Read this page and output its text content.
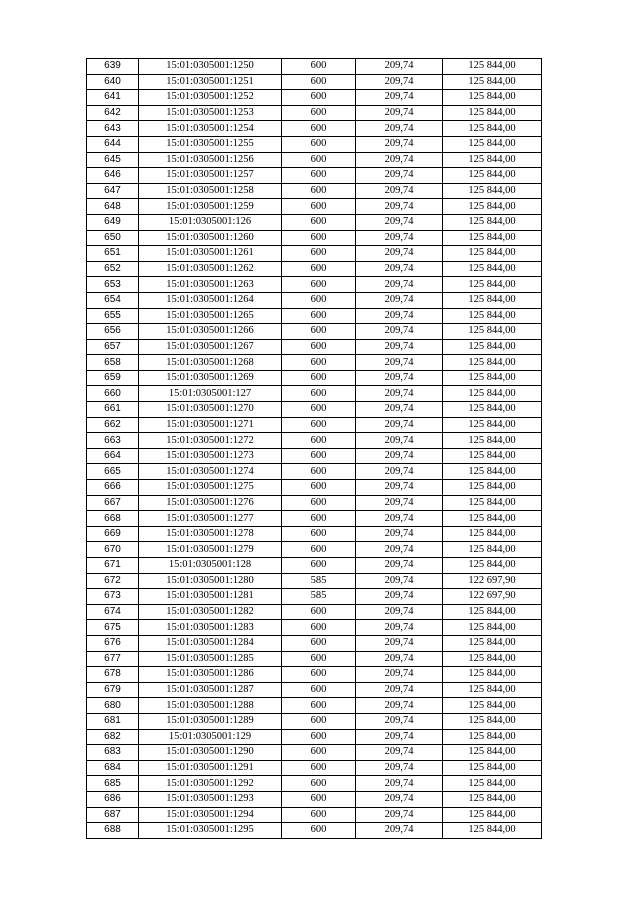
639	15:01:0305001:1250	600	209,74	125 844,00
640	15:01:0305001:1251	600	209,74	125 844,00
641	15:01:0305001:1252	600	209,74	125 844,00
642	15:01:0305001:1253	600	209,74	125 844,00
643	15:01:0305001:1254	600	209,74	125 844,00
644	15:01:0305001:1255	600	209,74	125 844,00
645	15:01:0305001:1256	600	209,74	125 844,00
646	15:01:0305001:1257	600	209,74	125 844,00
647	15:01:0305001:1258	600	209,74	125 844,00
648	15:01:0305001:1259	600	209,74	125 844,00
649	15:01:0305001:126	600	209,74	125 844,00
650	15:01:0305001:1260	600	209,74	125 844,00
651	15:01:0305001:1261	600	209,74	125 844,00
652	15:01:0305001:1262	600	209,74	125 844,00
653	15:01:0305001:1263	600	209,74	125 844,00
654	15:01:0305001:1264	600	209,74	125 844,00
655	15:01:0305001:1265	600	209,74	125 844,00
656	15:01:0305001:1266	600	209,74	125 844,00
657	15:01:0305001:1267	600	209,74	125 844,00
658	15:01:0305001:1268	600	209,74	125 844,00
659	15:01:0305001:1269	600	209,74	125 844,00
660	15:01:0305001:127	600	209,74	125 844,00
661	15:01:0305001:1270	600	209,74	125 844,00
662	15:01:0305001:1271	600	209,74	125 844,00
663	15:01:0305001:1272	600	209,74	125 844,00
664	15:01:0305001:1273	600	209,74	125 844,00
665	15:01:0305001:1274	600	209,74	125 844,00
666	15:01:0305001:1275	600	209,74	125 844,00
667	15:01:0305001:1276	600	209,74	125 844,00
668	15:01:0305001:1277	600	209,74	125 844,00
669	15:01:0305001:1278	600	209,74	125 844,00
670	15:01:0305001:1279	600	209,74	125 844,00
671	15:01:0305001:128	600	209,74	125 844,00
672	15:01:0305001:1280	585	209,74	122 697,90
673	15:01:0305001:1281	585	209,74	122 697,90
674	15:01:0305001:1282	600	209,74	125 844,00
675	15:01:0305001:1283	600	209,74	125 844,00
676	15:01:0305001:1284	600	209,74	125 844,00
677	15:01:0305001:1285	600	209,74	125 844,00
678	15:01:0305001:1286	600	209,74	125 844,00
679	15:01:0305001:1287	600	209,74	125 844,00
680	15:01:0305001:1288	600	209,74	125 844,00
681	15:01:0305001:1289	600	209,74	125 844,00
682	15:01:0305001:129	600	209,74	125 844,00
683	15:01:0305001:1290	600	209,74	125 844,00
684	15:01:0305001:1291	600	209,74	125 844,00
685	15:01:0305001:1292	600	209,74	125 844,00
686	15:01:0305001:1293	600	209,74	125 844,00
687	15:01:0305001:1294	600	209,74	125 844,00
688	15:01:0305001:1295	600	209,74	125 844,00
